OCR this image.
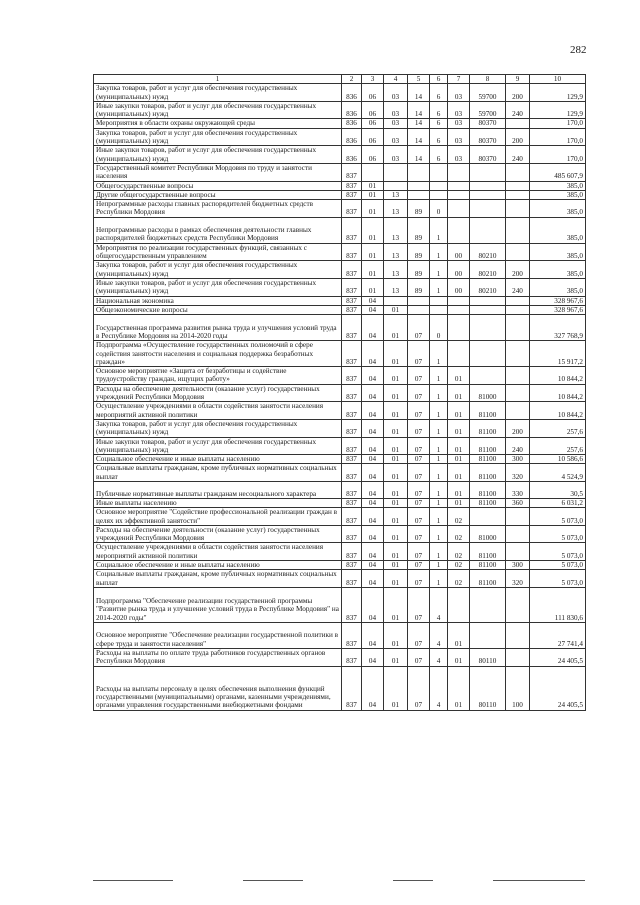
282
1	2	3	4	5	6	7	8	9	10
Закупка товаров, работ и услуг для обеспечения государственных (муниципальных) нужд	836	06	03	14	6	03	59700	200	129,9
Иные закупки товаров, работ и услуг для обеспечения государственных (муниципальных) нужд	836	06	03	14	6	03	59700	240	129,9
Мероприятия в области охраны окружающей среды	836	06	03	14	6	03	80370		170,0
Закупка товаров, работ и услуг для обеспечения государственных (муниципальных) нужд	836	06	03	14	6	03	80370	200	170,0
Иные закупки товаров, работ и услуг для обеспечения государственных (муниципальных) нужд	836	06	03	14	6	03	80370	240	170,0
Государственный комитет Республики Мордовия по труду и занятости населения	837								485 607,9
Общегосударственные вопросы	837	01							385,0
Другие общегосударственные вопросы	837	01	13						385,0
Непрограммные расходы главных распорядителей бюджетных средств Республики Мордовия	837	01	13	89	0				385,0
Непрограммные расходы в рамках обеспечения деятельности главных распорядителей бюджетных средств Республики Мордовия	837	01	13	89	1				385,0
Мероприятия по реализации государственных функций, связанных с общегосударственным управлением	837	01	13	89	1	00	80210		385,0
Закупка товаров, работ и услуг для обеспечения государственных (муниципальных) нужд	837	01	13	89	1	00	80210	200	385,0
Иные закупки товаров, работ и услуг для обеспечения государственных (муниципальных) нужд	837	01	13	89	1	00	80210	240	385,0
Национальная экономика	837	04							328 967,6
Общеэкономические вопросы	837	04	01						328 967,6
Государственная программа развития рынка труда и улучшения условий труда в Республике Мордовия на 2014-2020 годы	837	04	01	07	0				327 768,9
Подпрограмма «Осуществление государственных полномочий в сфере содействия занятости населения и социальная поддержка безработных граждан»	837	04	01	07	1				15 917,2
Основное мероприятие «Защита от безработицы и содействие трудоустройству граждан, ищущих работу»	837	04	01	07	1	01			10 844,2
Расходы на обеспечение деятельности (оказание услуг) государственных учреждений Республики Мордовия	837	04	01	07	1	01	81000		10 844,2
Осуществление учреждениями в области содействия занятости населения мероприятий активной политики	837	04	01	07	1	01	81100		10 844,2
Закупка товаров, работ и услуг для обеспечения государственных (муниципальных) нужд	837	04	01	07	1	01	81100	200	257,6
Иные закупки товаров, работ и услуг для обеспечения государственных (муниципальных) нужд	837	04	01	07	1	01	81100	240	257,6
Социальное обеспечение и иные выплаты населению	837	04	01	07	1	01	81100	300	10 586,6
Социальные выплаты гражданам, кроме публичных нормативных социальных выплат	837	04	01	07	1	01	81100	320	4 524,9
Публичные нормативные выплаты гражданам несоциального характера	837	04	01	07	1	01	81100	330	30,5
Иные выплаты населению	837	04	01	07	1	01	81100	360	6 031,2
Основное мероприятие "Содействие профессиональной реализации граждан в целях их эффективной занятости"	837	04	01	07	1	02			5 073,0
Расходы на обеспечение деятельности (оказание услуг) государственных учреждений Республики Мордовия	837	04	01	07	1	02	81000		5 073,0
Осуществление учреждениями в области содействия занятости населения мероприятий активной политики	837	04	01	07	1	02	81100		5 073,0
Социальное обеспечение и иные выплаты населению	837	04	01	07	1	02	81100	300	5 073,0
Социальные выплаты гражданам, кроме публичных нормативных социальных выплат	837	04	01	07	1	02	81100	320	5 073,0
Подпрограмма "Обеспечение реализации государственной программы "Развитие рынка труда и улучшение условий труда в Республике Мордовия" на 2014-2020 годы"	837	04	01	07	4				111 830,6
Основное мероприятие "Обеспечение реализации государственной политики в сфере труда и занятости населения"	837	04	01	07	4	01			27 741,4
Расходы на выплаты по оплате труда работников государственных органов Республики Мордовия	837	04	01	07	4	01	80110		24 405,5
Расходы на выплаты персоналу в целях обеспечения выполнения функций государственными (муниципальными) органами, казенными учреждениями, органами управления государственными внебюджетными фондами	837	04	01	07	4	01	80110	100	24 405,5
